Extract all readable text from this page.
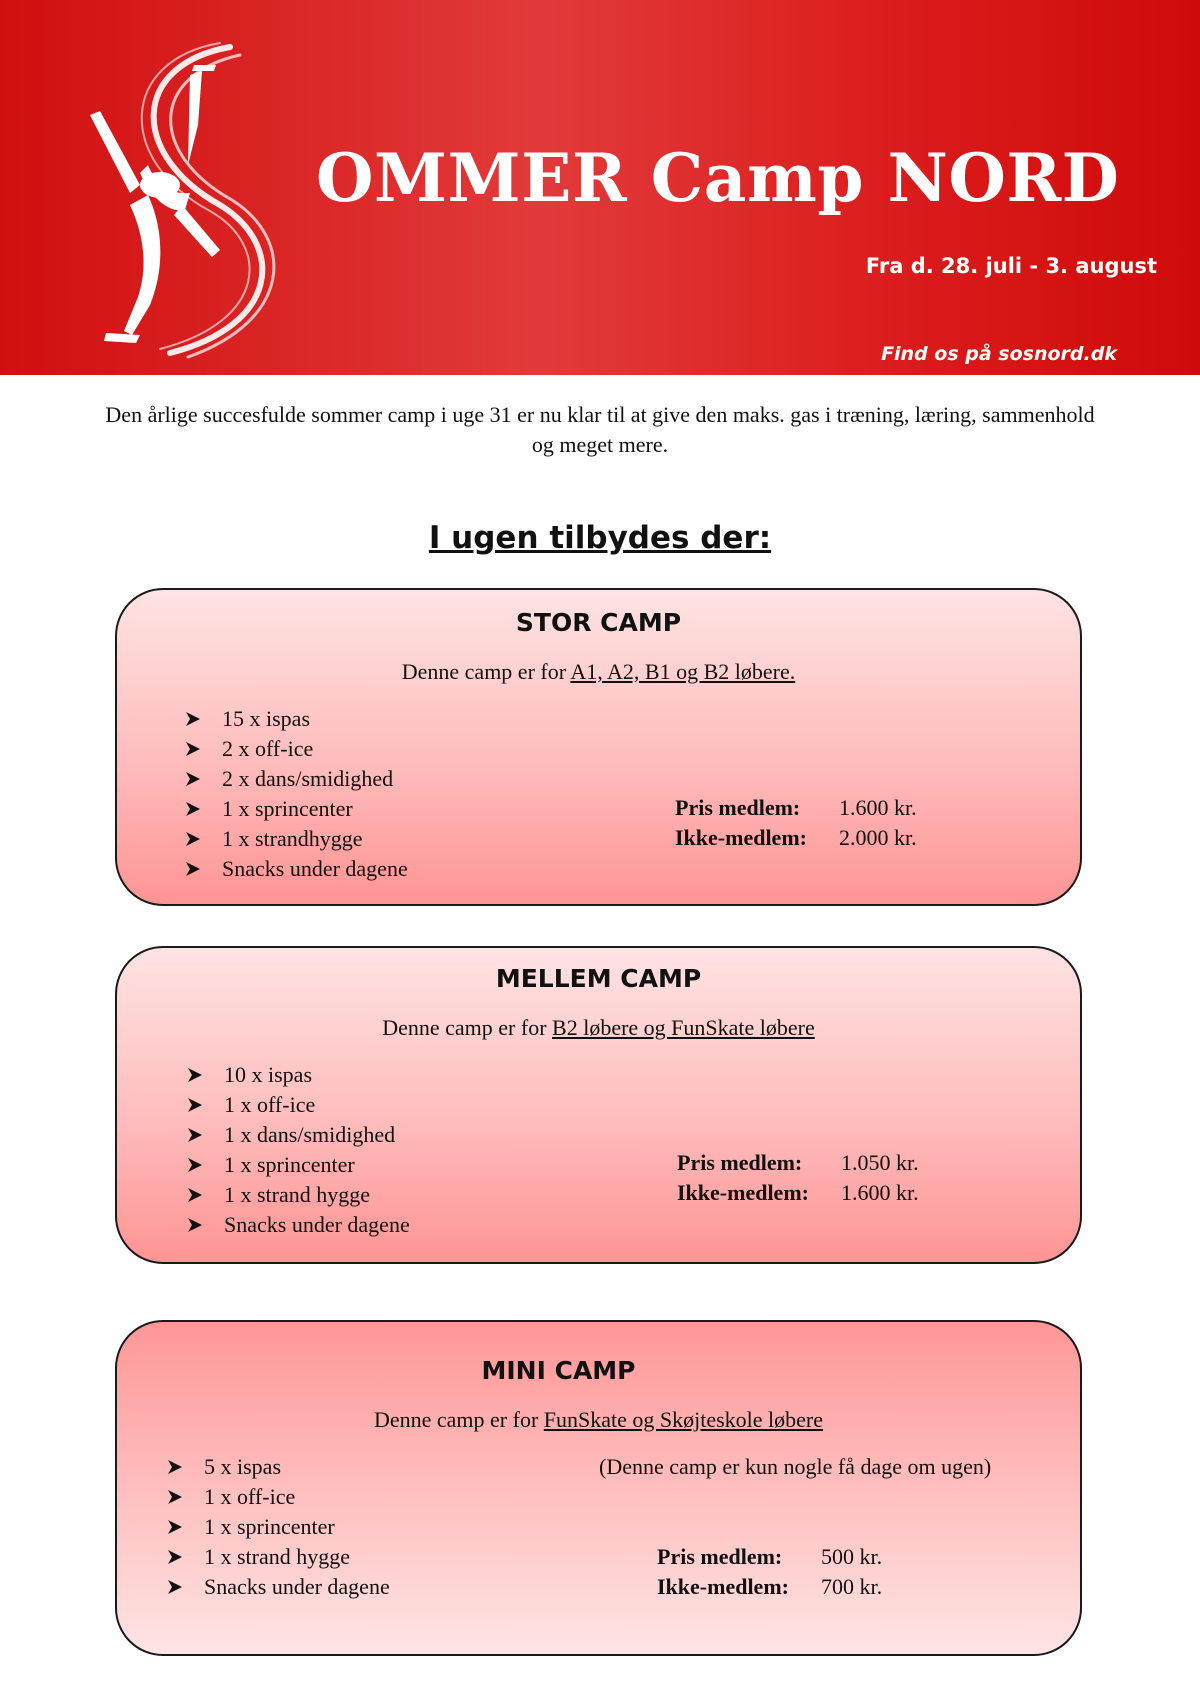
OMMER Camp NORD
Fra d. 28. juli - 3. august
Find os på sosnord.dk

Den årlige succesfulde sommer camp i uge 31 er nu klar til at give den maks. gas i træning, læring, sammenhold og meget mere.

I ugen tilbydes der:
STOR CAMP

Denne camp er for A1, A2, B1 og B2 løbere.

15 x ispas
2 x off-ice
2 x dans/smidighed
1 x sprincenter
1 x strandhygge
Snacks under dagene
Pris medlem: 1.600 kr.
Ikke-medlem: 2.000 kr.
MELLEM CAMP

Denne camp er for B2 løbere og FunSkate løbere

10 x ispas
1 x off-ice
1 x dans/smidighed
1 x sprincenter
1 x strand hygge
Snacks under dagene
Pris medlem: 1.050 kr.
Ikke-medlem: 1.600 kr.
MINI CAMP

Denne camp er for FunSkate og Skøjteskole løbere

5 x ispas
1 x off-ice
1 x sprincenter
1 x strand hygge
Snacks under dagene
(Denne camp er kun nogle få dage om ugen)
Pris medlem: 500 kr.
Ikke-medlem: 700 kr.
